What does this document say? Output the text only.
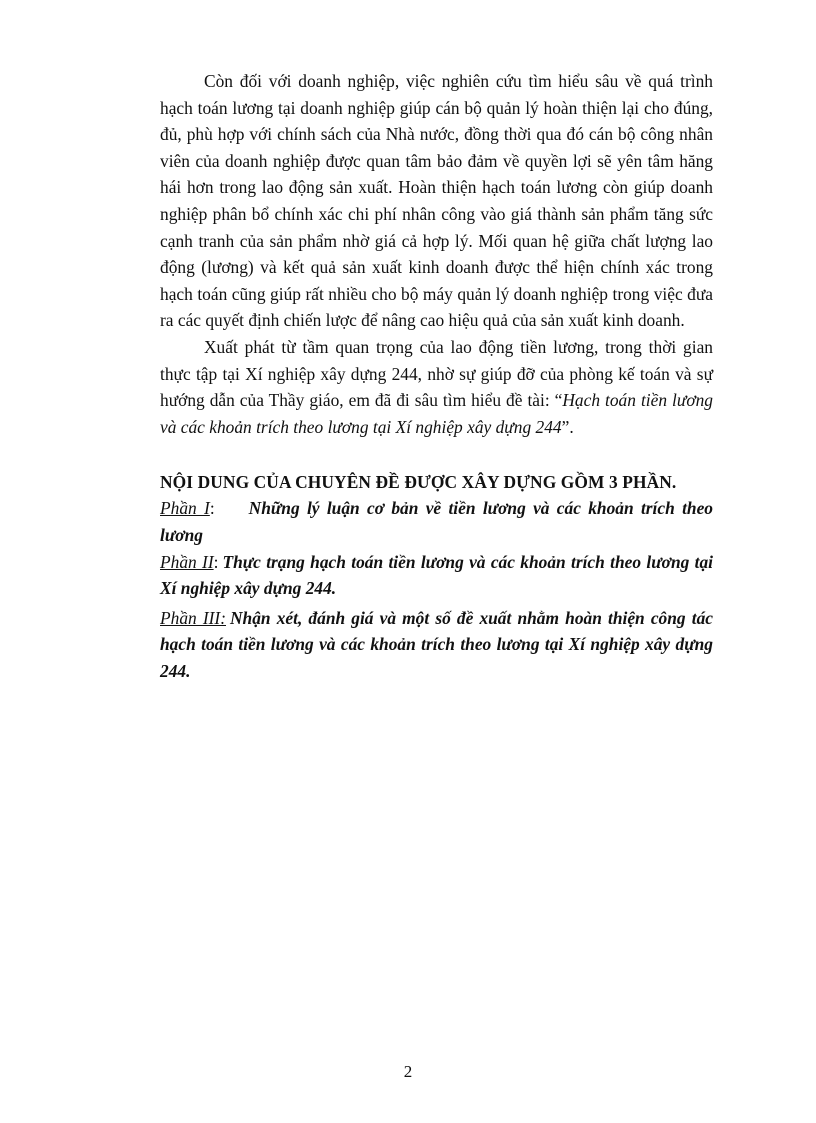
Còn đối với doanh nghiệp, việc nghiên cứu tìm hiểu sâu về quá trình hạch toán lương tại doanh nghiệp giúp cán bộ quản lý hoàn thiện lại cho đúng, đủ, phù hợp với chính sách của Nhà nước, đồng thời qua đó cán bộ công nhân viên của doanh nghiệp được quan tâm bảo đảm về quyền lợi sẽ yên tâm hăng hái hơn trong lao động sản xuất. Hoàn thiện hạch toán lương còn giúp doanh nghiệp phân bổ chính xác chi phí nhân công vào giá thành sản phẩm tăng sức cạnh tranh của sản phẩm nhờ giá cả hợp lý. Mối quan hệ giữa chất lượng lao động (lương) và kết quả sản xuất kinh doanh được thể hiện chính xác trong hạch toán cũng giúp rất nhiều cho bộ máy quản lý doanh nghiệp trong việc đưa ra các quyết định chiến lược để nâng cao hiệu quả của sản xuất kinh doanh.

Xuất phát từ tầm quan trọng của lao động tiền lương, trong thời gian thực tập tại Xí nghiệp xây dựng 244, nhờ sự giúp đỡ của phòng kế toán và sự hướng dẫn của Thầy giáo, em đã đi sâu tìm hiểu đề tài: “Hạch toán tiền lương và các khoản trích theo lương tại Xí nghiệp xây dựng 244”.

NỘI DUNG CỦA CHUYÊN ĐỀ ĐƯỢC XÂY DỰNG GỒM 3 PHẦN.

Phần I: Những lý luận cơ bản về tiền lương và các khoản trích theo lương

Phần II: Thực trạng hạch toán tiền lương và các khoản trích theo lương tại Xí nghiệp xây dựng 244.

Phần III: Nhận xét, đánh giá và một số đề xuất nhằm hoàn thiện công tác hạch toán tiền lương và các khoản trích theo lương tại Xí nghiệp xây dựng 244.

2
